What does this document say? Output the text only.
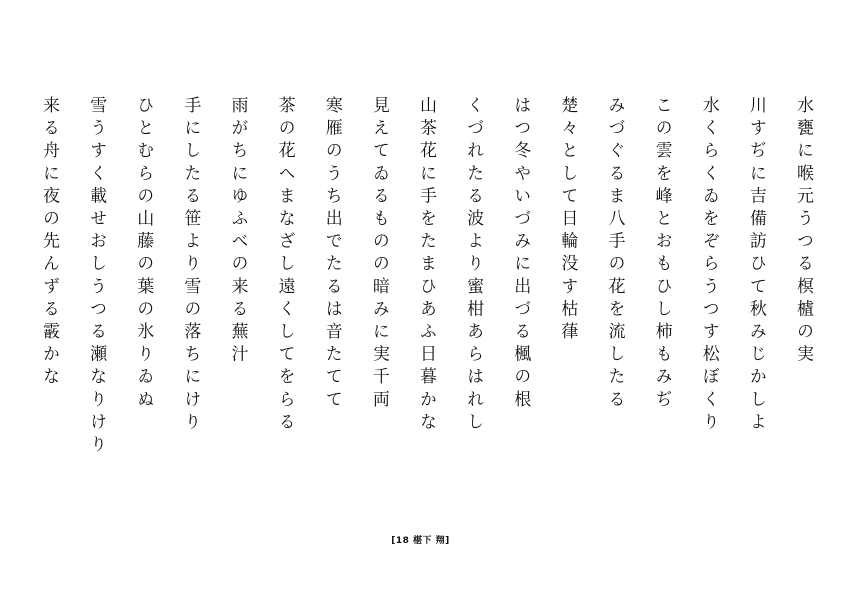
水甕に喉元うつる榠樝の実
川すぢに吉備訪ひて秋みじかしよ
水くらくゐをぞらうつす松ぼくり
この雲を峰とおもひし柿もみぢ
みづぐるま八手の花を流したる
楚々として日輪没す枯葎
はつ冬やいづみに出づる楓の根
くづれたる波より蜜柑あらはれし
山茶花に手をたまひあふ日暮かな
見えてゐるものの暗みに実千両
寒雁のうち出でたるは音たてて
茶の花へまなざし遠くしてをらる
雨がちにゆふべの来る蕪汁
手にしたる笹より雪の落ちにけり
ひとむらの山藤の葉の氷りゐぬ
雪うすく載せおしうつる瀬なりけり
来る舟に夜の先んずる霰かな
[18 椹下 翔]
